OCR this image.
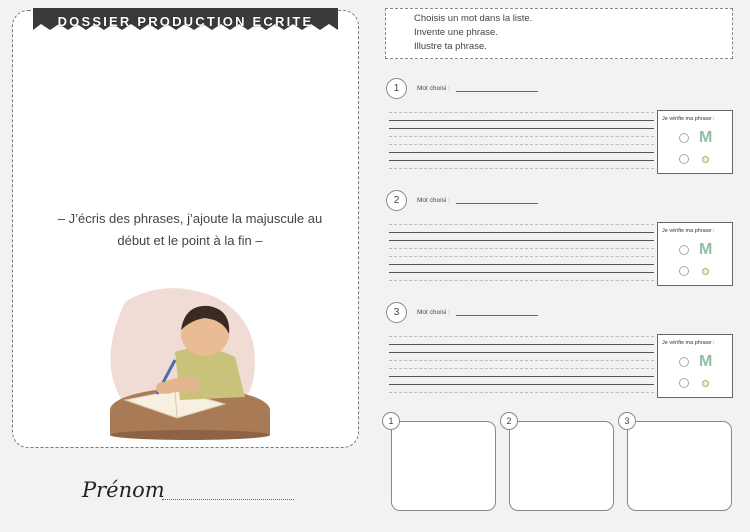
DOSSIER PRODUCTION ECRITE
– J’écris des phrases, j’ajoute la majuscule au
début et le point à la fin –
Prénom
Choisis un mot dans la liste.
Invente une phrase.
Illustre ta phrase.
1	Mot choisi :
Je vérifie ma phrase :
M
2	Mot choisi :
Je vérifie ma phrase :
M
3	Mot choisi :
Je vérifie ma phrase :
M
1	2	3
